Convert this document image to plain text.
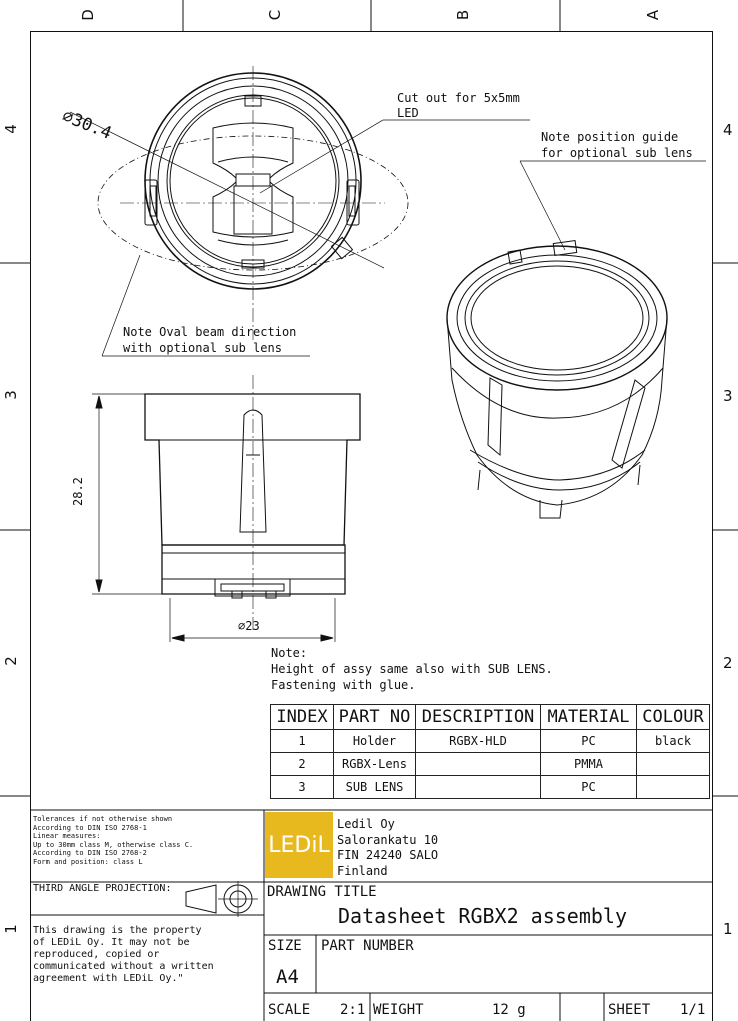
D	C	B	A
4
3
2
1
4
3
2
1
∅30.4
Cut out for 5x5mm
LED
Note position guide
for optional sub lens
Note Oval beam direction
with optional sub lens
28.2
∅23
Note:
Height of assy same also with SUB LENS.
Fastening with glue.
INDEX	PART NO	DESCRIPTION	MATERIAL	COLOUR
1	Holder	RGBX-HLD	PC	black
2	RGBX-Lens		PMMA	
3	SUB LENS		PC	
Tolerances if not otherwise shown
According to DIN ISO 2768-1
Linear measures:
Up to 30mm class M, otherwise class C.
According to DIN ISO 2768-2
Form and position: class L
LEDiL
Ledil Oy
Salorankatu 10
FIN 24240 SALO
Finland
THIRD ANGLE PROJECTION:
This drawing is the property
of LEDiL Oy. It may not be
reproduced, copied or
communicated without a written
agreement with LEDiL Oy."
DRAWING TITLE
Datasheet RGBX2 assembly
SIZE
A4
PART NUMBER
SCALE 2:1 WEIGHT	12 g	SHEET 1/1
